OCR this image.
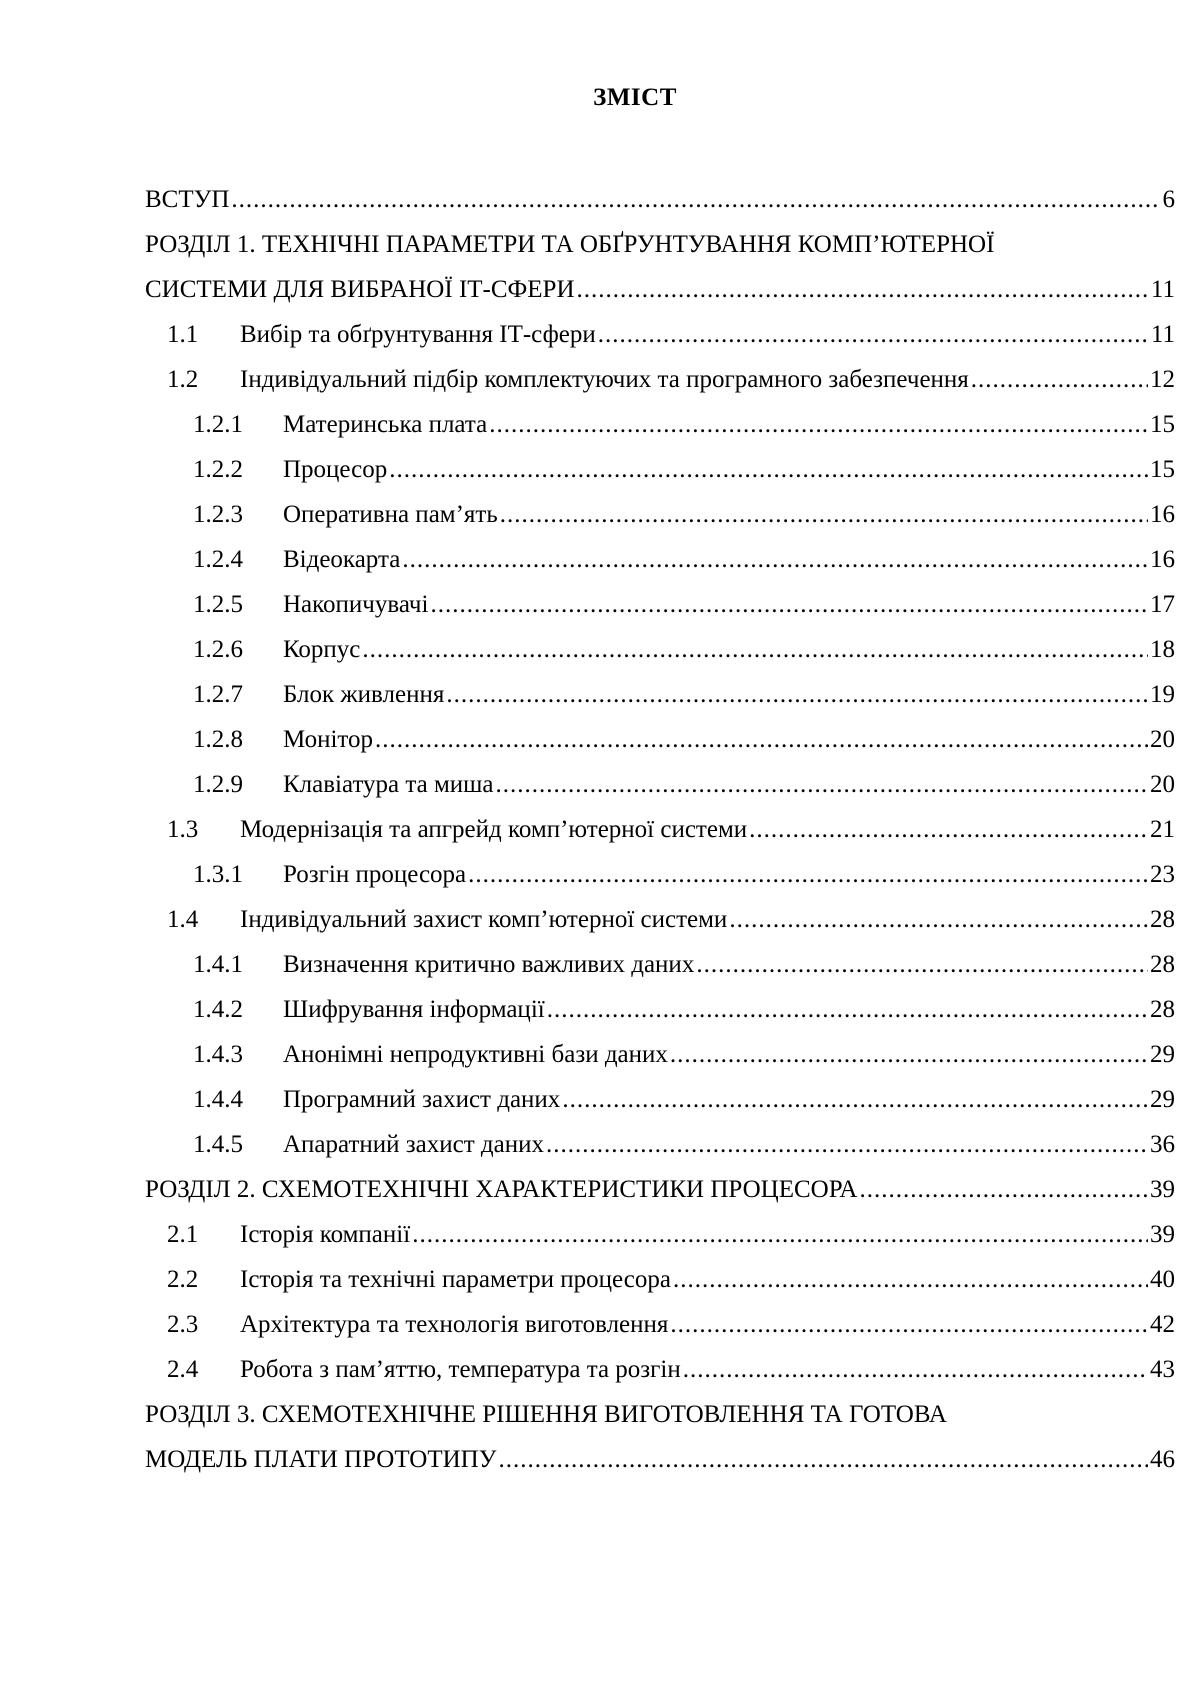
ЗМІСТ
ВСТУП .....	6
РОЗДІЛ 1. ТЕХНІЧНІ ПАРАМЕТРИ ТА ОБҐРУНТУВАННЯ КОМП’ЮТЕРНОЇ
СИСТЕМИ ДЛЯ ВИБРАНОЇ ІТ-СФЕРИ .....	11
1.1	Вибір та обґрунтування ІТ-сфери .....	11
1.2	Індивідуальний підбір комплектуючих та програмного забезпечення .....	12
1.2.1	Материнська плата .....	15
1.2.2	Процесор .....	15
1.2.3	Оперативна пам’ять .....	16
1.2.4	Відеокарта .....	16
1.2.5	Накопичувачі .....	17
1.2.6	Корпус .....	18
1.2.7	Блок живлення .....	19
1.2.8	Монітор .....	20
1.2.9	Клавіатура та миша .....	20
1.3	Модернізація та апгрейд комп’ютерної системи .....	21
1.3.1	Розгін процесора .....	23
1.4	Індивідуальний захист комп’ютерної системи .....	28
1.4.1	Визначення критично важливих даних .....	28
1.4.2	Шифрування інформації .....	28
1.4.3	Анонімні непродуктивні бази даних .....	29
1.4.4	Програмний захист даних .....	29
1.4.5	Апаратний захист даних .....	36
РОЗДІЛ 2. СХЕМОТЕХНІЧНІ ХАРАКТЕРИСТИКИ ПРОЦЕСОРА .....	39
2.1	Історія компанії .....	39
2.2	Історія та технічні параметри процесора .....	40
2.3	Архітектура та технологія виготовлення .....	42
2.4	Робота з пам’яттю, температура та розгін .....	43
РОЗДІЛ 3. СХЕМОТЕХНІЧНЕ РІШЕННЯ ВИГОТОВЛЕННЯ ТА ГОТОВА
МОДЕЛЬ ПЛАТИ ПРОТОТИПУ .....	46
